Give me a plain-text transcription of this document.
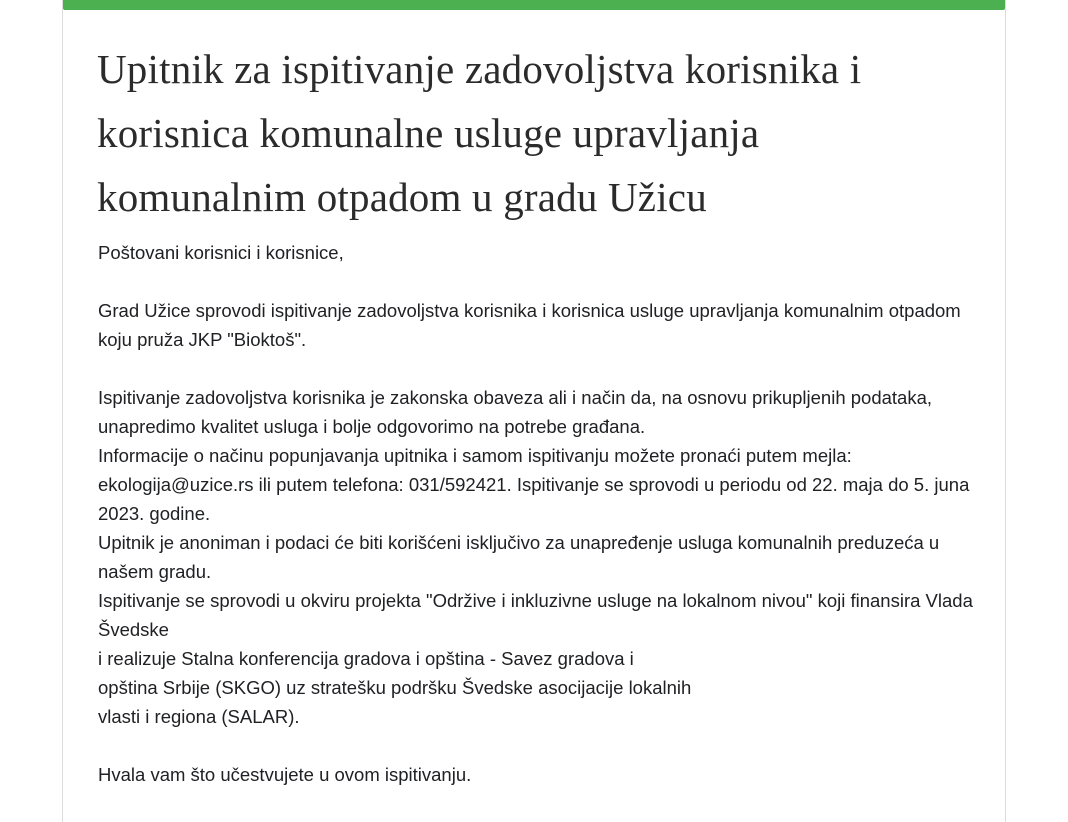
Upitnik za ispitivanje zadovoljstva korisnika i korisnica komunalne usluge upravljanja komunalnim otpadom u gradu Užicu

Poštovani korisnici i korisnice,

Grad Užice sprovodi ispitivanje zadovoljstva korisnika i korisnica usluge upravljanja komunalnim otpadom koju pruža JKP "Bioktoš".

Ispitivanje zadovoljstva korisnika je zakonska obaveza ali i način da, na osnovu prikupljenih podataka, unapredimo kvalitet usluga i bolje odgovorimo na potrebe građana.

Informacije o načinu popunjavanja upitnika i samom ispitivanju možete pronaći putem mejla: ekologija@uzice.rs ili putem telefona: 031/592421. Ispitivanje se sprovodi u periodu od 22. maja do 5. juna 2023. godine.

Upitnik je anoniman i podaci će biti korišćeni isključivo za unapređenje usluga komunalnih preduzeća u našem gradu.

Ispitivanje se sprovodi u okviru projekta "Održive i inkluzivne usluge na lokalnom nivou" koji finansira Vlada Švedske

i realizuje Stalna konferencija gradova i opština - Savez gradova i

opština Srbije (SKGO) uz stratešku podršku Švedske asocijacije lokalnih

vlasti i regiona (SALAR).

Hvala vam što učestvujete u ovom ispitivanju.
